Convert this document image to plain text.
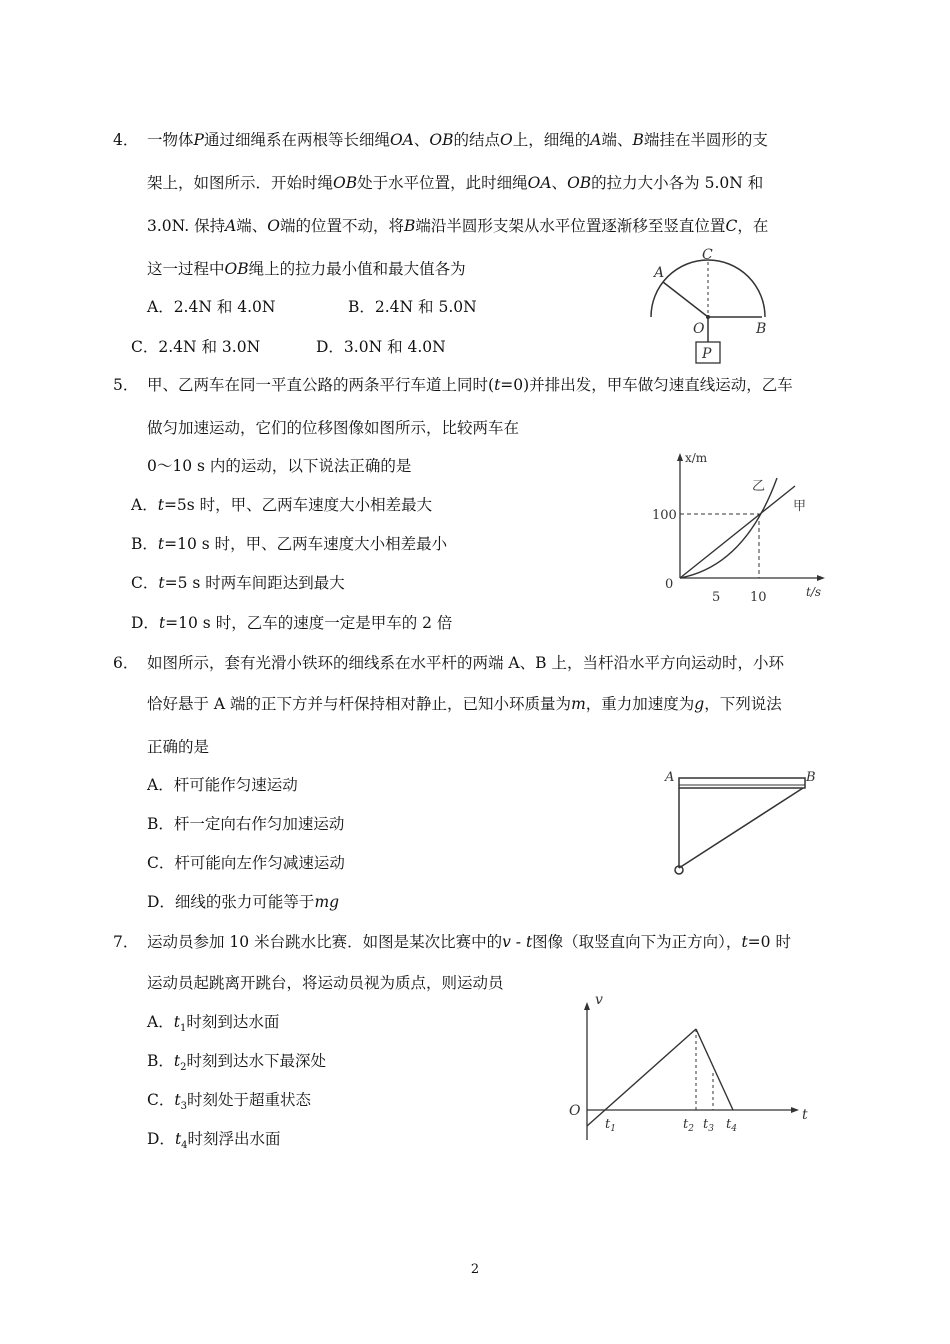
4． 一物体P通过细绳系在两根等长细绳OA、OB的结点O上，细绳的A端、B端挂在半圆形的支
架上，如图所示．开始时绳OB处于水平位置，此时细绳OA、OB的拉力大小各为 5.0N 和
3.0N. 保持A端、O端的位置不动，将B端沿半圆形支架从水平位置逐渐移至竖直位置C，在
这一过程中OB绳上的拉力最小值和最大值各为
A．2.4N 和 4.0N	B．2.4N 和 5.0N
C．2.4N 和 3.0N	D．3.0N 和 4.0N
A
C
O	B
P
5． 甲、乙两车在同一平直公路的两条平行车道上同时(t=0)并排出发，甲车做匀速直线运动，乙车
做匀加速运动，它们的位移图像如图所示，比较两车在
0～10 s 内的运动，以下说法正确的是
A．t=5s 时，甲、乙两车速度大小相差最大
B．t=10 s 时，甲、乙两车速度大小相差最小
C．t=5 s 时两车间距达到最大
D．t=10 s 时，乙车的速度一定是甲车的 2 倍
x/m
t/s
100
0
5 10
乙
甲
6． 如图所示，套有光滑小铁环的细线系在水平杆的两端 A、B 上，当杆沿水平方向运动时，小环
恰好悬于 A 端的正下方并与杆保持相对静止，已知小环质量为m，重力加速度为g，下列说法
正确的是
A．杆可能作匀速运动
B．杆一定向右作匀加速运动
C．杆可能向左作匀减速运动
D．细线的张力可能等于mg
A	B
7． 运动员参加 10 米台跳水比赛．如图是某次比赛中的v - t图像（取竖直向下为正方向），t=0 时
运动员起跳离开跳台，将运动员视为质点，则运动员
A．$t_1$时刻到达水面
B．$t_2$时刻到达水下最深处
C．$t_3$时刻处于超重状态
D．$t_4$时刻浮出水面
v
t
O
$t_1$	$t_2$ $t_3$ $t_4$
2
